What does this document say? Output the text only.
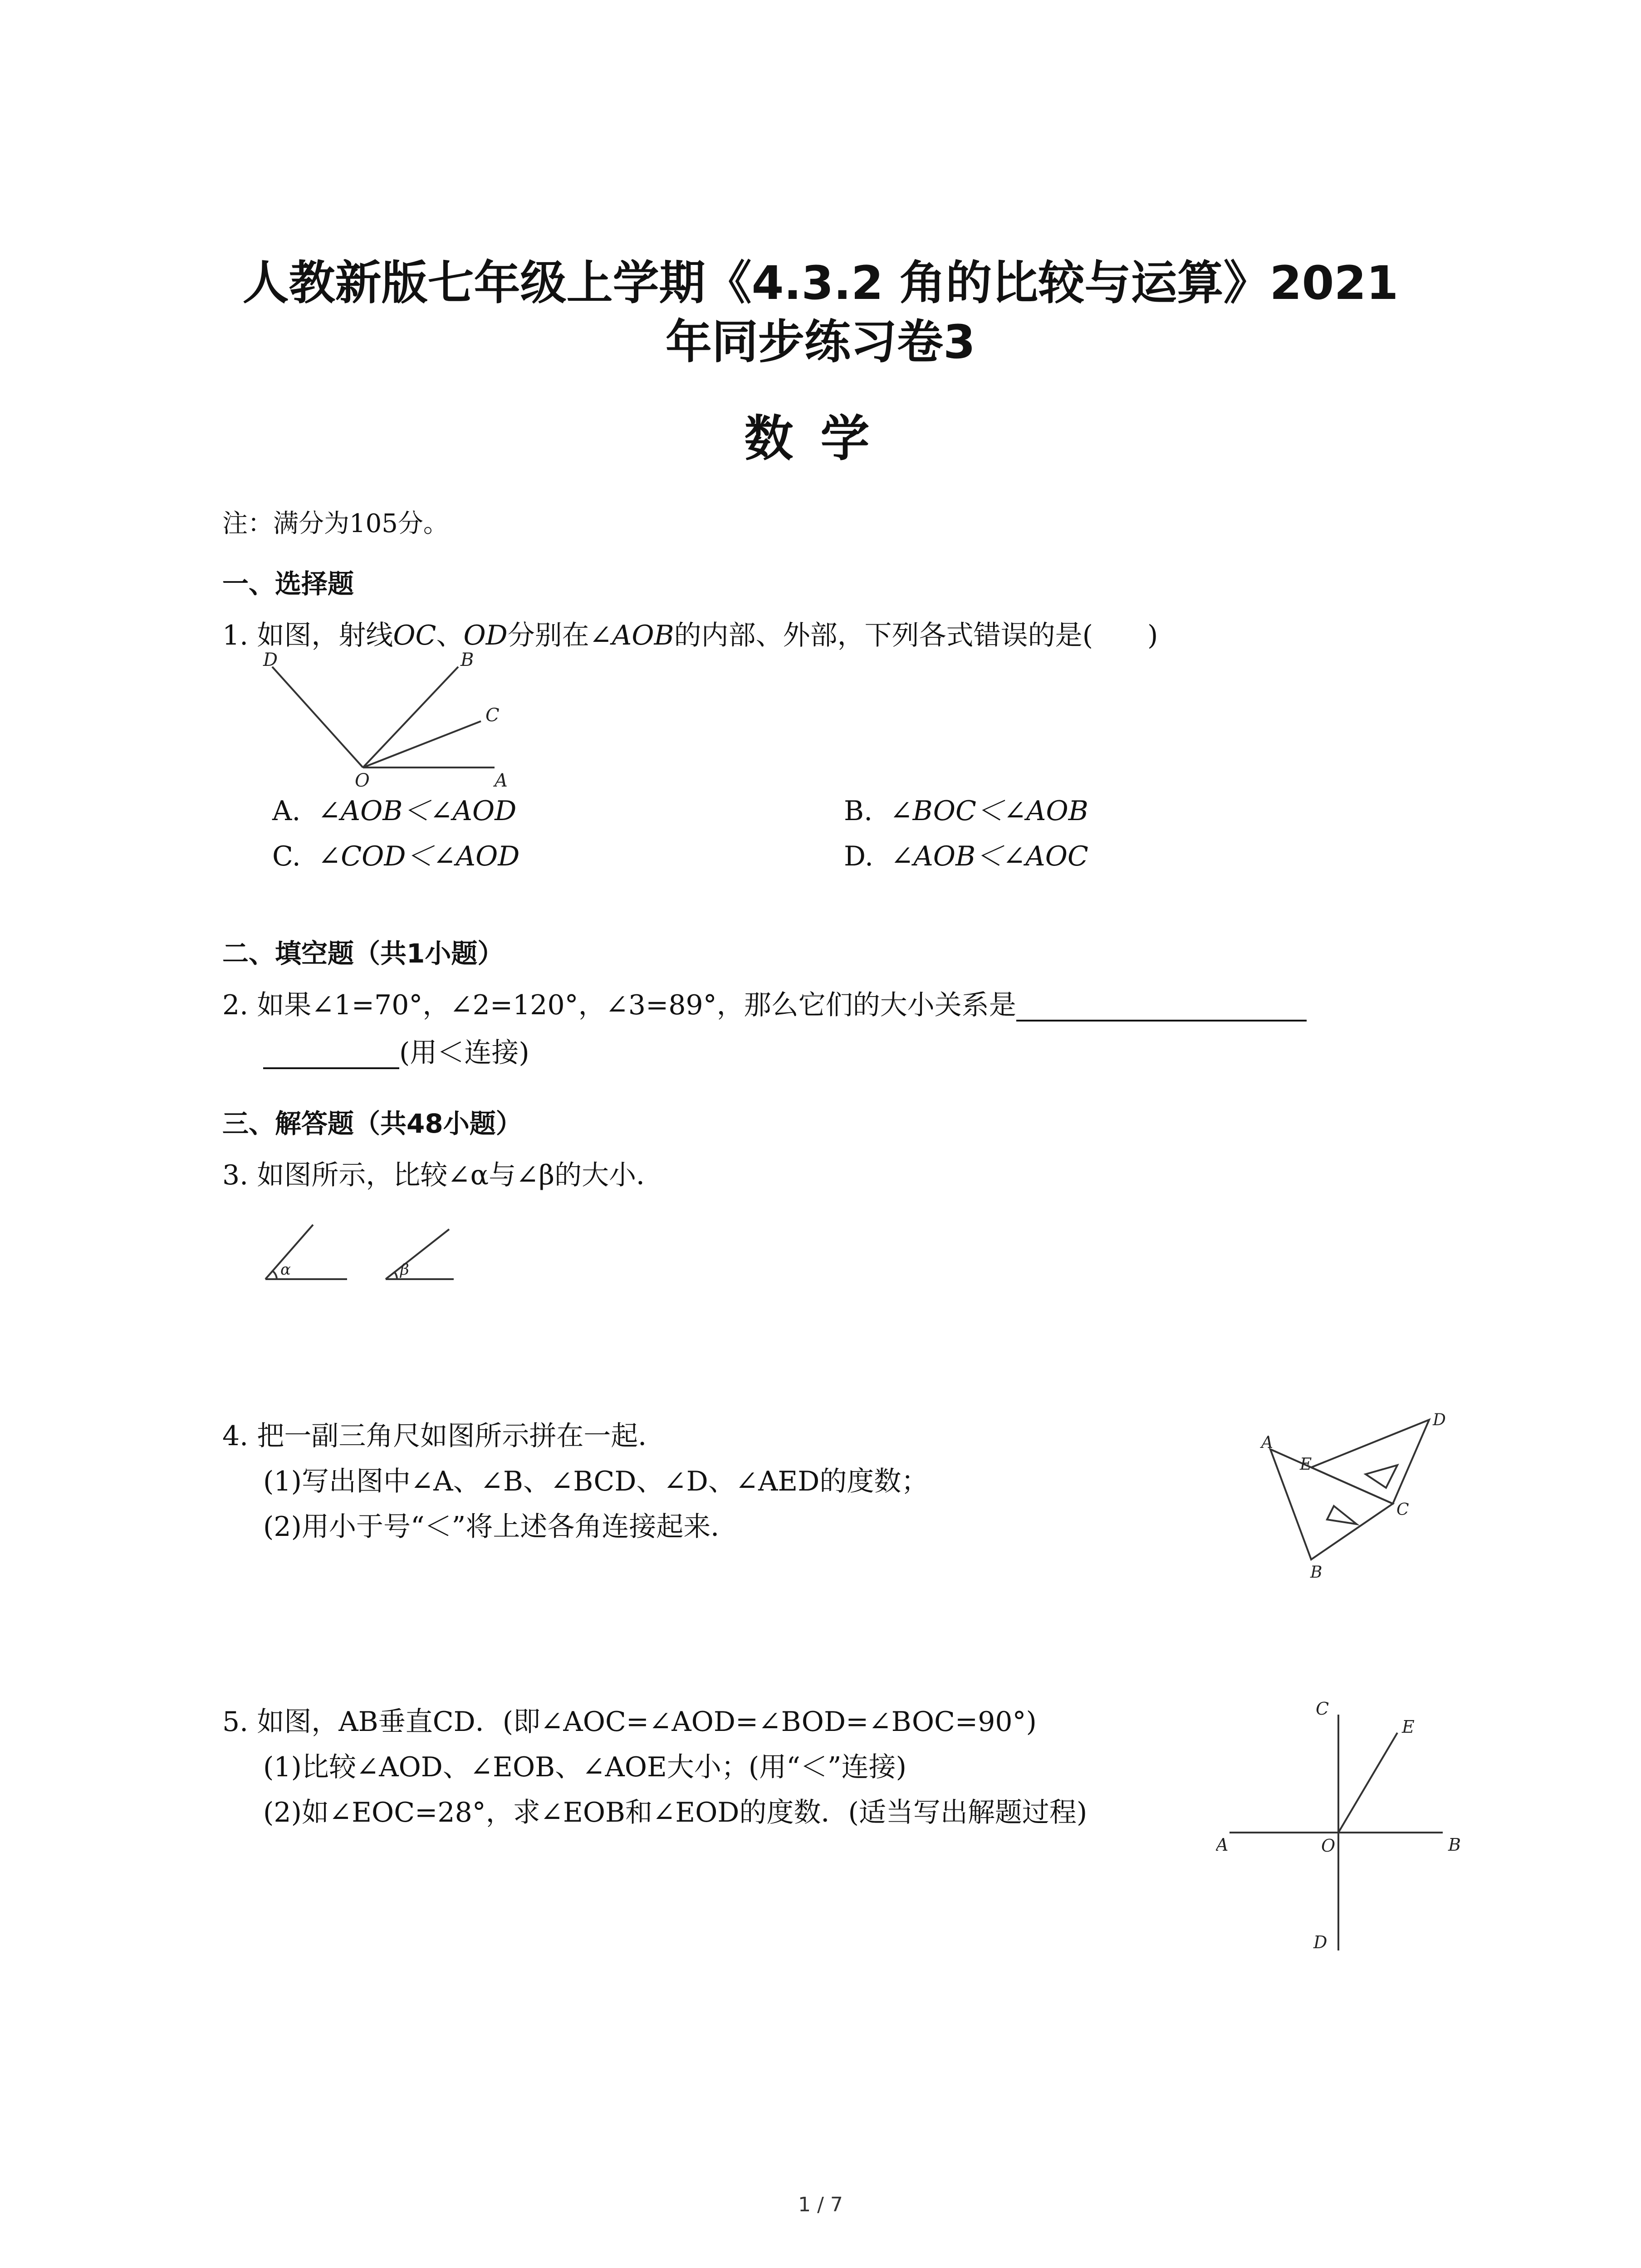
人教新版七年级上学期《4.3.2 角的比较与运算》2021
年同步练习卷3
数学
注：满分为105分。
一、选择题
1. 如图，射线OC、OD分别在∠AOB的内部、外部，下列各式错误的是(　　)
D	B
C
O	A
A. ∠AOB＜∠AOD	B. ∠BOC＜∠AOB
C. ∠COD＜∠AOD	D. ∠AOB＜∠AOC
二、填空题（共1小题）
2. 如果∠1=70°，∠2=120°，∠3=89°，那么它们的大小关系是
(用＜连接)
三、解答题（共48小题）
3. 如图所示，比较∠α与∠β的大小．
α	β
4. 把一副三角尺如图所示拼在一起．
(1)写出图中∠A、∠B、∠BCD、∠D、∠AED的度数；
(2)用小于号“＜”将上述各角连接起来．
A
E
D
C
B
5. 如图，AB垂直CD．(即∠AOC=∠AOD=∠BOD=∠BOC=90°)
(1)比较∠AOD、∠EOB、∠AOE大小；(用“＜”连接)
(2)如∠EOC=28°，求∠EOB和∠EOD的度数．(适当写出解题过程)
C
E
A	O	B
D
1 / 7
